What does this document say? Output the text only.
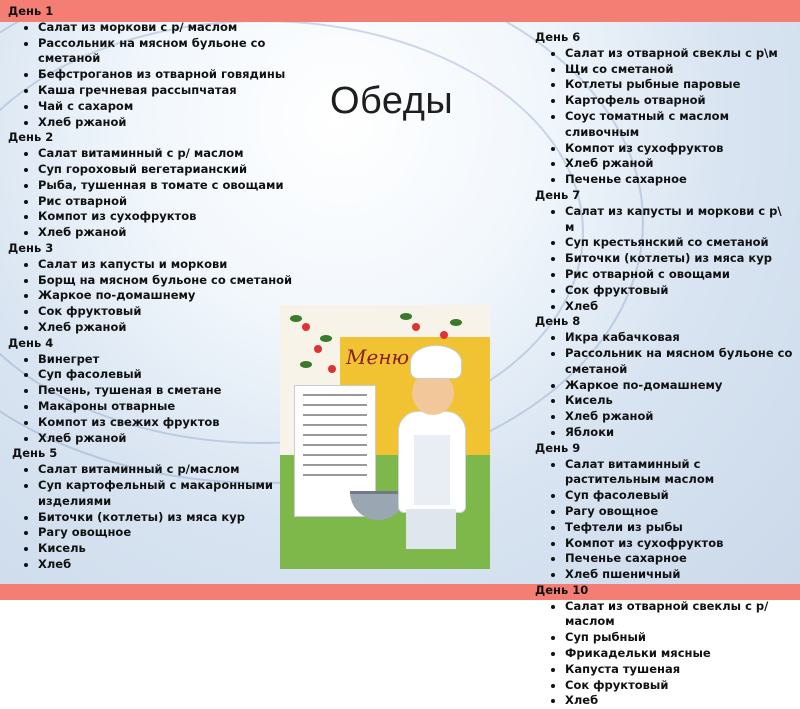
Обеды

День 1

• Салат из моркови с р/ маслом
• Рассольник на мясном бульоне со сметаной
• Бефстроганов из отварной говядины
• Каша гречневая рассыпчатая
• Чай с сахаром
• Хлеб ржаной

День 2

• Салат витаминный с р/ маслом
• Суп гороховый вегетарианский
• Рыба, тушенная в томате с овощами
• Рис отварной
• Компот из сухофруктов
• Хлеб ржаной

День 3

• Салат из капусты и моркови
• Борщ на мясном бульоне со сметаной
• Жаркое по-домашнему
• Сок фруктовый
• Хлеб ржаной

День 4

• Винегрет
• Суп фасолевый
• Печень, тушеная в сметане
• Макароны отварные
• Компот из свежих фруктов
• Хлеб ржаной

День 5

• Салат витаминный с р/маслом
• Суп картофельный с макаронными изделиями
• Биточки (котлеты) из мяса кур
• Рагу овощное
• Кисель
• Хлеб

День 6

• Салат из отварной свеклы с р\м
• Щи со сметаной
• Котлеты рыбные паровые
• Картофель отварной
• Соус томатный с маслом сливочным
• Компот из сухофруктов
• Хлеб ржаной
• Печенье сахарное

День 7

• Салат из капусты и моркови с р\ м
• Суп крестьянский со сметаной
• Биточки (котлеты) из мяса кур
• Рис отварной с овощами
• Сок фруктовый
• Хлеб

День 8

• Икра кабачковая
• Рассольник на мясном бульоне со сметаной
• Жаркое по-домашнему
• Кисель
• Хлеб ржаной
• Яблоки

День 9

• Салат витаминный с растительным маслом
• Суп фасолевый
• Рагу овощное
• Тефтели из рыбы
• Компот из сухофруктов
• Печенье сахарное
• Хлеб пшеничный

День 10

• Салат из отварной свеклы с р/маслом
• Суп рыбный
• Фрикадельки мясные
• Капуста тушеная
• Сок фруктовый
• Хлеб
Меню
